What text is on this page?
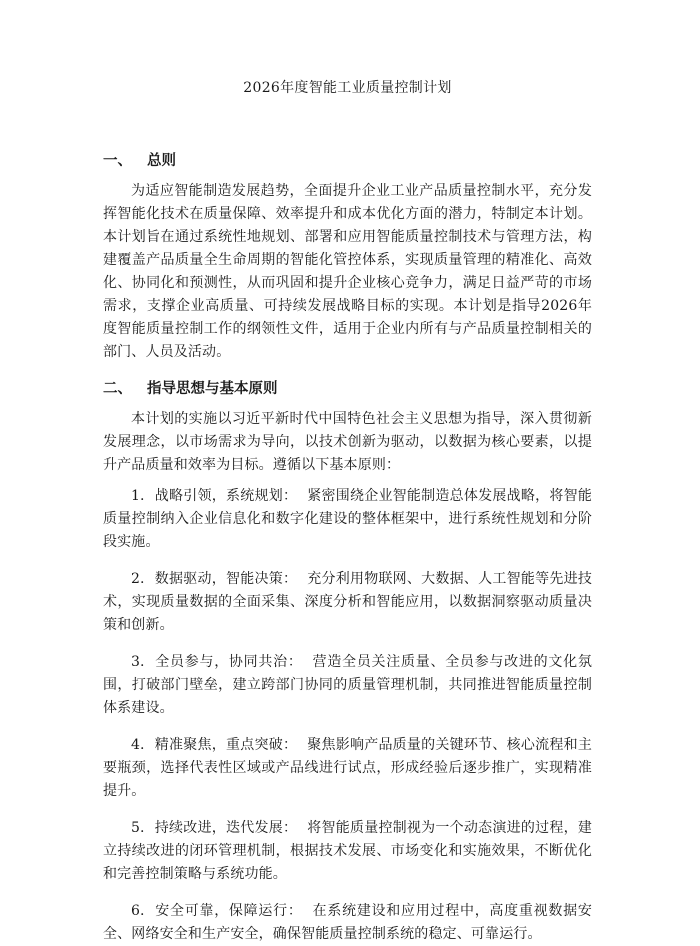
2026年度智能工业质量控制计划
一、	总则

为适应智能制造发展趋势，全面提升企业工业产品质量控制水平，充分发挥智能化技术在质量保障、效率提升和成本优化方面的潜力，特制定本计划。本计划旨在通过系统性地规划、部署和应用智能质量控制技术与管理方法，构建覆盖产品质量全生命周期的智能化管控体系，实现质量管理的精准化、高效化、协同化和预测性，从而巩固和提升企业核心竞争力，满足日益严苛的市场需求，支撑企业高质量、可持续发展战略目标的实现。本计划是指导2026年度智能质量控制工作的纲领性文件，适用于企业内所有与产品质量控制相关的部门、人员及活动。

二、	指导思想与基本原则

本计划的实施以习近平新时代中国特色社会主义思想为指导，深入贯彻新发展理念，以市场需求为导向，以技术创新为驱动，以数据为核心要素，以提升产品质量和效率为目标。遵循以下基本原则：

1. 战略引领，系统规划： 紧密围绕企业智能制造总体发展战略，将智能质量控制纳入企业信息化和数字化建设的整体框架中，进行系统性规划和分阶段实施。

2. 数据驱动，智能决策： 充分利用物联网、大数据、人工智能等先进技术，实现质量数据的全面采集、深度分析和智能应用，以数据洞察驱动质量决策和创新。

3. 全员参与，协同共治： 营造全员关注质量、全员参与改进的文化氛围，打破部门壁垒，建立跨部门协同的质量管理机制，共同推进智能质量控制体系建设。

4. 精准聚焦，重点突破： 聚焦影响产品质量的关键环节、核心流程和主要瓶颈，选择代表性区域或产品线进行试点，形成经验后逐步推广，实现精准提升。

5. 持续改进，迭代发展： 将智能质量控制视为一个动态演进的过程，建立持续改进的闭环管理机制，根据技术发展、市场变化和实施效果，不断优化和完善控制策略与系统功能。

6. 安全可靠，保障运行： 在系统建设和应用过程中，高度重视数据安全、网络安全和生产安全，确保智能质量控制系统的稳定、可靠运行。
